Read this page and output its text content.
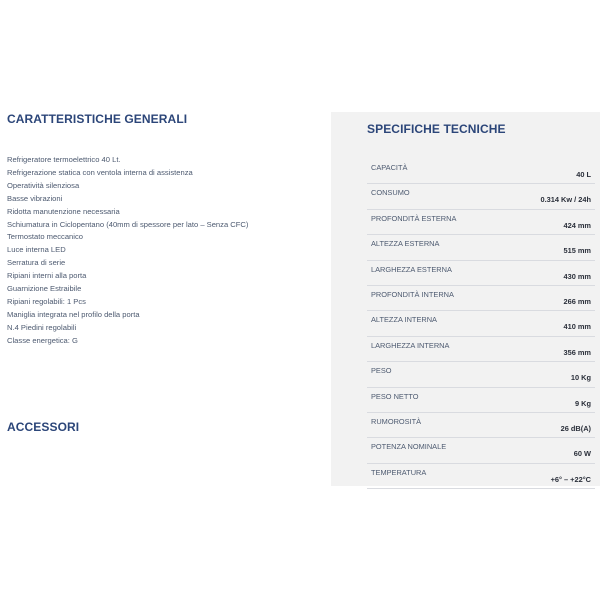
CARATTERISTICHE GENERALI
Refrigeratore termoelettrico 40 Lt.
Refrigerazione statica con ventola interna di assistenza
Operatività silenziosa
Basse vibrazioni
Ridotta manutenzione necessaria
Schiumatura in Ciclopentano (40mm di spessore per lato – Senza CFC)
Termostato meccanico
Luce interna LED
Serratura di serie
Ripiani interni alla porta
Guarnizione Estraibile
Ripiani regolabili: 1 Pcs
Maniglia integrata nel profilo della porta
N.4 Piedini regolabili
Classe energetica: G
ACCESSORI
SPECIFICHE TECNICHE
CAPACITÀ
40 L
CONSUMO
0.314 Kw / 24h
PROFONDITÀ ESTERNA
424 mm
ALTEZZA ESTERNA
515 mm
LARGHEZZA ESTERNA
430 mm
PROFONDITÀ INTERNA
266 mm
ALTEZZA INTERNA
410 mm
LARGHEZZA INTERNA
356 mm
PESO
10 Kg
PESO NETTO
9 Kg
RUMOROSITÀ
26 dB(A)
POTENZA NOMINALE
60 W
TEMPERATURA
+6° – +22°C
